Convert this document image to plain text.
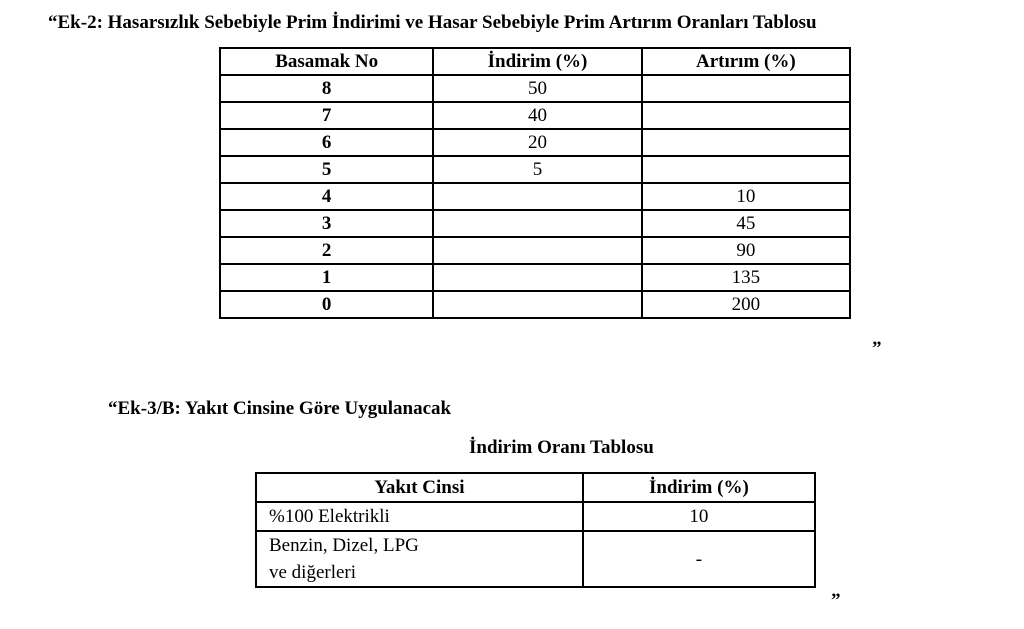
“Ek-2: Hasarsızlık Sebebiyle Prim İndirimi ve Hasar Sebebiyle Prim Artırım Oranları Tablosu
Basamak No	İndirim (%)	Artırım (%)
8	50	
7	40	
6	20	
5	5	
4		10
3		45
2		90
1		135
0		200
”
“Ek-3/B: Yakıt Cinsine Göre Uygulanacak
İndirim Oranı Tablosu
Yakıt Cinsi	İndirim (%)
%100 Elektrikli	10
Benzin, Dizel, LPG
ve diğerleri	-
”
